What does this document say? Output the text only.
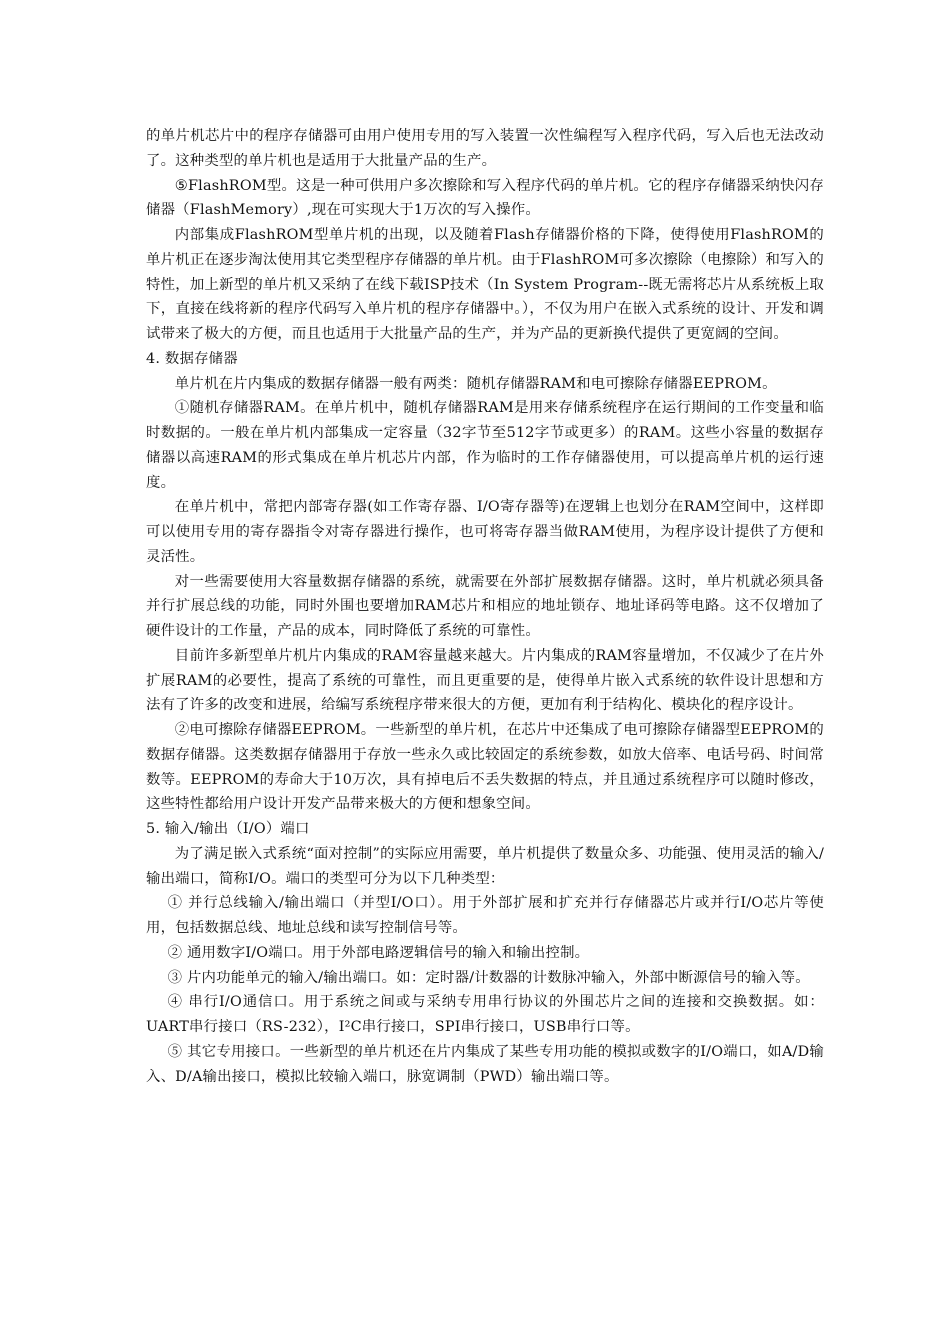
的单片机芯片中的程序存储器可由用户使用专用的写入装置一次性编程写入程序代码，写入后也无法改动了。这种类型的单片机也是适用于大批量产品的生产。

⑤FlashROM型。这是一种可供用户多次擦除和写入程序代码的单片机。它的程序存储器采纳快闪存储器（FlashMemory）,现在可实现大于1万次的写入操作。

内部集成FlashROM型单片机的出现，以及随着Flash存储器价格的下降，使得使用FlashROM的单片机正在逐步淘汰使用其它类型程序存储器的单片机。由于FlashROM可多次擦除（电擦除）和写入的特性，加上新型的单片机又采纳了在线下载ISP技术（In System Program--既无需将芯片从系统板上取下，直接在线将新的程序代码写入单片机的程序存储器中。），不仅为用户在嵌入式系统的设计、开发和调试带来了极大的方便，而且也适用于大批量产品的生产，并为产品的更新换代提供了更宽阔的空间。

4. 数据存储器

单片机在片内集成的数据存储器一般有两类：随机存储器RAM和电可擦除存储器EEPROM。

①随机存储器RAM。在单片机中，随机存储器RAM是用来存储系统程序在运行期间的工作变量和临时数据的。一般在单片机内部集成一定容量（32字节至512字节或更多）的RAM。这些小容量的数据存储器以高速RAM的形式集成在单片机芯片内部，作为临时的工作存储器使用，可以提高单片机的运行速度。

在单片机中，常把内部寄存器(如工作寄存器、I/O寄存器等)在逻辑上也划分在RAM空间中，这样即可以使用专用的寄存器指令对寄存器进行操作，也可将寄存器当做RAM使用，为程序设计提供了方便和灵活性。

对一些需要使用大容量数据存储器的系统，就需要在外部扩展数据存储器。这时，单片机就必须具备并行扩展总线的功能，同时外围也要增加RAM芯片和相应的地址锁存、地址译码等电路。这不仅增加了硬件设计的工作量，产品的成本，同时降低了系统的可靠性。

目前许多新型单片机片内集成的RAM容量越来越大。片内集成的RAM容量增加，不仅减少了在片外扩展RAM的必要性，提高了系统的可靠性，而且更重要的是，使得单片嵌入式系统的软件设计思想和方法有了许多的改变和进展，给编写系统程序带来很大的方便，更加有利于结构化、模块化的程序设计。

②电可擦除存储器EEPROM。一些新型的单片机，在芯片中还集成了电可擦除存储器型EEPROM的数据存储器。这类数据存储器用于存放一些永久或比较固定的系统参数，如放大倍率、电话号码、时间常数等。EEPROM的寿命大于10万次，具有掉电后不丢失数据的特点，并且通过系统程序可以随时修改，这些特性都给用户设计开发产品带来极大的方便和想象空间。

5. 输入/输出（I/O）端口

为了满足嵌入式系统“面对控制”的实际应用需要，单片机提供了数量众多、功能强、使用灵活的输入/输出端口，简称I/O。端口的类型可分为以下几种类型：

① 并行总线输入/输出端口（并型I/O口）。用于外部扩展和扩充并行存储器芯片或并行I/O芯片等使用，包括数据总线、地址总线和读写控制信号等。

② 通用数字I/O端口。用于外部电路逻辑信号的输入和输出控制。

③ 片内功能单元的输入/输出端口。如：定时器/计数器的计数脉冲输入，外部中断源信号的输入等。

④ 串行I/O通信口。用于系统之间或与采纳专用串行协议的外围芯片之间的连接和交换数据。如：UART串行接口（RS-232），I²C串行接口，SPI串行接口，USB串行口等。

⑤ 其它专用接口。一些新型的单片机还在片内集成了某些专用功能的模拟或数字的I/O端口，如A/D输入、D/A输出接口，模拟比较输入端口，脉宽调制（PWD）输出端口等。
